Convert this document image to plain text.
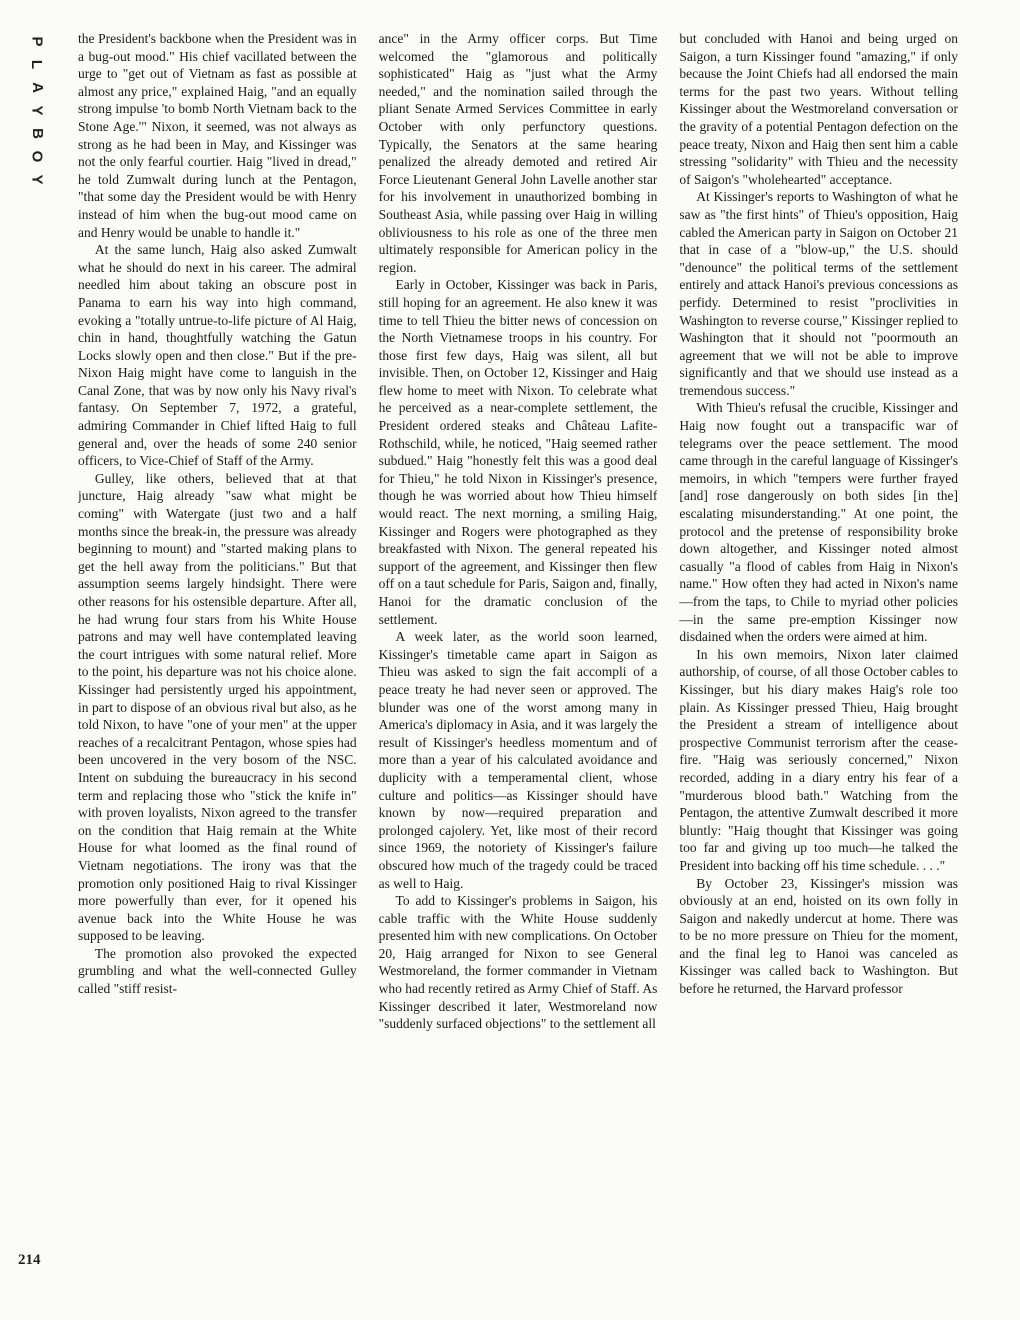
P
L
A
Y
B
O
Y
214

the President's backbone when the President was in a bug-out mood." His chief vacillated between the urge to "get out of Vietnam as fast as possible at almost any price," explained Haig, "and an equally strong impulse 'to bomb North Vietnam back to the Stone Age.'" Nixon, it seemed, was not always as strong as he had been in May, and Kissinger was not the only fearful courtier. Haig "lived in dread," he told Zumwalt during lunch at the Pentagon, "that some day the President would be with Henry instead of him when the bug-out mood came on and Henry would be unable to handle it."

At the same lunch, Haig also asked Zumwalt what he should do next in his career. The admiral needled him about taking an obscure post in Panama to earn his way into high command, evoking a "totally untrue-to-life picture of Al Haig, chin in hand, thoughtfully watching the Gatun Locks slowly open and then close." But if the pre-Nixon Haig might have come to languish in the Canal Zone, that was by now only his Navy rival's fantasy. On September 7, 1972, a grateful, admiring Commander in Chief lifted Haig to full general and, over the heads of some 240 senior officers, to Vice-Chief of Staff of the Army.

Gulley, like others, believed that at that juncture, Haig already "saw what might be coming" with Watergate (just two and a half months since the break-in, the pressure was already beginning to mount) and "started making plans to get the hell away from the politicians." But that assumption seems largely hindsight. There were other reasons for his ostensible departure. After all, he had wrung four stars from his White House patrons and may well have contemplated leaving the court intrigues with some natural relief. More to the point, his departure was not his choice alone. Kissinger had persistently urged his appointment, in part to dispose of an obvious rival but also, as he told Nixon, to have "one of your men" at the upper reaches of a recalcitrant Pentagon, whose spies had been uncovered in the very bosom of the NSC. Intent on subduing the bureaucracy in his second term and replacing those who "stick the knife in" with proven loyalists, Nixon agreed to the transfer on the condition that Haig remain at the White House for what loomed as the final round of Vietnam negotiations. The irony was that the promotion only positioned Haig to rival Kissinger more powerfully than ever, for it opened his avenue back into the White House he was supposed to be leaving.

The promotion also provoked the expected grumbling and what the well-connected Gulley called "stiff resist-

ance" in the Army officer corps. But Time welcomed the "glamorous and politically sophisticated" Haig as "just what the Army needed," and the nomination sailed through the pliant Senate Armed Services Committee in early October with only perfunctory questions. Typically, the Senators at the same hearing penalized the already demoted and retired Air Force Lieutenant General John Lavelle another star for his involvement in unauthorized bombing in Southeast Asia, while passing over Haig in willing obliviousness to his role as one of the three men ultimately responsible for American policy in the region.

Early in October, Kissinger was back in Paris, still hoping for an agreement. He also knew it was time to tell Thieu the bitter news of concession on the North Vietnamese troops in his country. For those first few days, Haig was silent, all but invisible. Then, on October 12, Kissinger and Haig flew home to meet with Nixon. To celebrate what he perceived as a near-complete settlement, the President ordered steaks and Château Lafite-Rothschild, while, he noticed, "Haig seemed rather subdued." Haig "honestly felt this was a good deal for Thieu," he told Nixon in Kissinger's presence, though he was worried about how Thieu himself would react. The next morning, a smiling Haig, Kissinger and Rogers were photographed as they breakfasted with Nixon. The general repeated his support of the agreement, and Kissinger then flew off on a taut schedule for Paris, Saigon and, finally, Hanoi for the dramatic conclusion of the settlement.

A week later, as the world soon learned, Kissinger's timetable came apart in Saigon as Thieu was asked to sign the fait accompli of a peace treaty he had never seen or approved. The blunder was one of the worst among many in America's diplomacy in Asia, and it was largely the result of Kissinger's heedless momentum and of more than a year of his calculated avoidance and duplicity with a temperamental client, whose culture and politics—as Kissinger should have known by now—required preparation and prolonged cajolery. Yet, like most of their record since 1969, the notoriety of Kissinger's failure obscured how much of the tragedy could be traced as well to Haig.

To add to Kissinger's problems in Saigon, his cable traffic with the White House suddenly presented him with new complications. On October 20, Haig arranged for Nixon to see General Westmoreland, the former commander in Vietnam who had recently retired as Army Chief of Staff. As Kissinger described it later, Westmoreland now "suddenly surfaced objections" to the settlement all

but concluded with Hanoi and being urged on Saigon, a turn Kissinger found "amazing," if only because the Joint Chiefs had all endorsed the main terms for the past two years. Without telling Kissinger about the Westmoreland conversation or the gravity of a potential Pentagon defection on the peace treaty, Nixon and Haig then sent him a cable stressing "solidarity" with Thieu and the necessity of Saigon's "wholehearted" acceptance.

At Kissinger's reports to Washington of what he saw as "the first hints" of Thieu's opposition, Haig cabled the American party in Saigon on October 21 that in case of a "blow-up," the U.S. should "denounce" the political terms of the settlement entirely and attack Hanoi's previous concessions as perfidy. Determined to resist "proclivities in Washington to reverse course," Kissinger replied to Washington that it should not "poormouth an agreement that we will not be able to improve significantly and that we should use instead as a tremendous success."

With Thieu's refusal the crucible, Kissinger and Haig now fought out a transpacific war of telegrams over the peace settlement. The mood came through in the careful language of Kissinger's memoirs, in which "tempers were further frayed [and] rose dangerously on both sides [in the] escalating misunderstanding." At one point, the protocol and the pretense of responsibility broke down altogether, and Kissinger noted almost casually "a flood of cables from Haig in Nixon's name." How often they had acted in Nixon's name—from the taps, to Chile to myriad other policies—in the same pre-emption Kissinger now disdained when the orders were aimed at him.

In his own memoirs, Nixon later claimed authorship, of course, of all those October cables to Kissinger, but his diary makes Haig's role too plain. As Kissinger pressed Thieu, Haig brought the President a stream of intelligence about prospective Communist terrorism after the cease-fire. "Haig was seriously concerned," Nixon recorded, adding in a diary entry his fear of a "murderous blood bath." Watching from the Pentagon, the attentive Zumwalt described it more bluntly: "Haig thought that Kissinger was going too far and giving up too much—he talked the President into backing off his time schedule. . . ."

By October 23, Kissinger's mission was obviously at an end, hoisted on its own folly in Saigon and nakedly undercut at home. There was to be no more pressure on Thieu for the moment, and the final leg to Hanoi was canceled as Kissinger was called back to Washington. But before he returned, the Harvard professor
